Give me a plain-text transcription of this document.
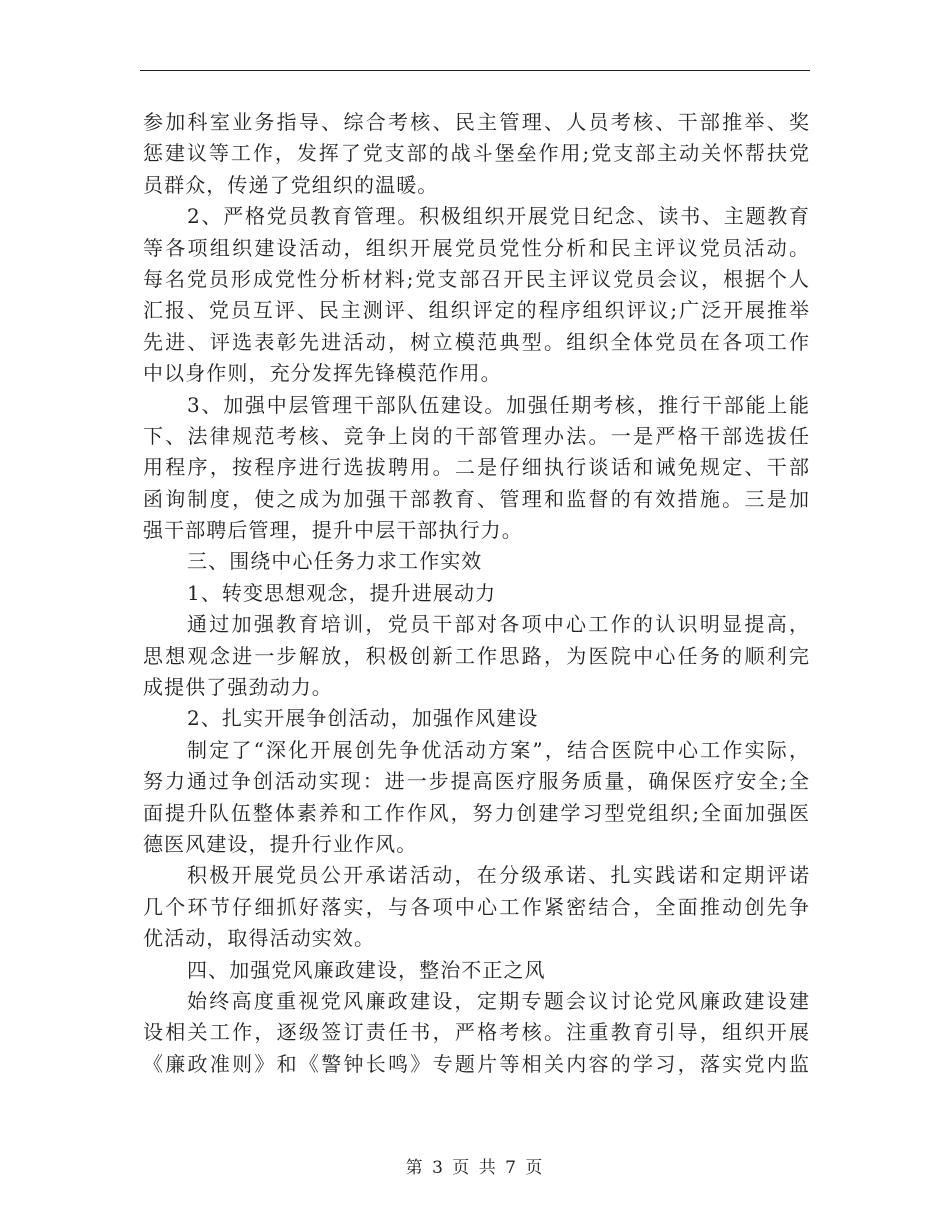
参加科室业务指导、综合考核、民主管理、人员考核、干部推举、奖
惩建议等工作，发挥了党支部的战斗堡垒作用;党支部主动关怀帮扶党
员群众，传递了党组织的温暖。
2、严格党员教育管理。积极组织开展党日纪念、读书、主题教育
等各项组织建设活动，组织开展党员党性分析和民主评议党员活动。
每名党员形成党性分析材料;党支部召开民主评议党员会议，根据个人
汇报、党员互评、民主测评、组织评定的程序组织评议;广泛开展推举
先进、评选表彰先进活动，树立模范典型。组织全体党员在各项工作
中以身作则，充分发挥先锋模范作用。
3、加强中层管理干部队伍建设。加强任期考核，推行干部能上能
下、法律规范考核、竞争上岗的干部管理办法。一是严格干部选拔任
用程序，按程序进行选拔聘用。二是仔细执行谈话和诫免规定、干部
函询制度，使之成为加强干部教育、管理和监督的有效措施。三是加
强干部聘后管理，提升中层干部执行力。
三、围绕中心任务力求工作实效
1、转变思想观念，提升进展动力
通过加强教育培训，党员干部对各项中心工作的认识明显提高，
思想观念进一步解放，积极创新工作思路，为医院中心任务的顺利完
成提供了强劲动力。
2、扎实开展争创活动，加强作风建设
制定了“深化开展创先争优活动方案”，结合医院中心工作实际，
努力通过争创活动实现：进一步提高医疗服务质量，确保医疗安全;全
面提升队伍整体素养和工作作风，努力创建学习型党组织;全面加强医
德医风建设，提升行业作风。
积极开展党员公开承诺活动，在分级承诺、扎实践诺和定期评诺
几个环节仔细抓好落实，与各项中心工作紧密结合，全面推动创先争
优活动，取得活动实效。
四、加强党风廉政建设，整治不正之风
始终高度重视党风廉政建设，定期专题会议讨论党风廉政建设建
设相关工作，逐级签订责任书，严格考核。注重教育引导，组织开展
《廉政准则》和《警钟长鸣》专题片等相关内容的学习，落实党内监
第 3 页 共 7 页
